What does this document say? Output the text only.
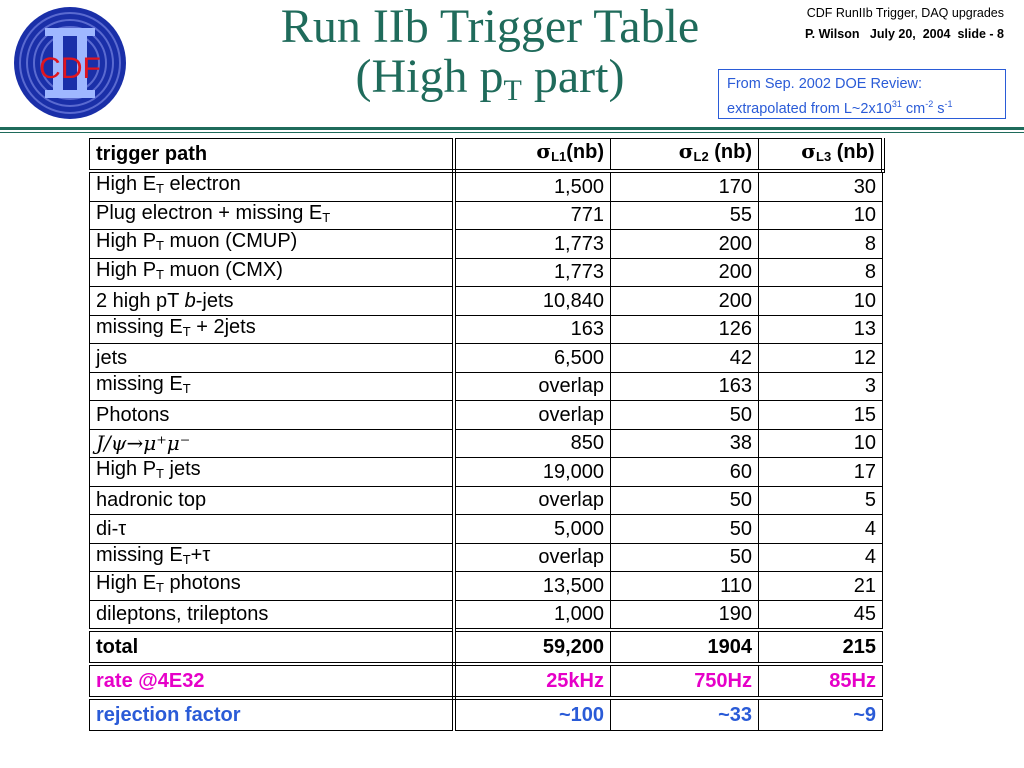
CDF
Run IIb Trigger Table
(High $p_T$ part)
CDF RunIIb Trigger, DAQ upgrades
P. Wilson   July 20,  2004  slide - 8
From Sep. 2002 DOE Review:
extrapolated from $L\sim 2x10^{31}$ $cm^{-2}$ $s^{-1}$
trigger path	$\sigma_{L1}(nb)$	$\sigma_{L2}$ (nb)	$\sigma_{L3}$ (nb)
High $E_T$ electron	1,500	170	30
Plug electron + missing $E_T$	771	55	10
High $P_T$ muon (CMUP)	1,773	200	8
High $P_T$ muon (CMX)	1,773	200	8
2 high pT b-jets	10,840	200	10
missing $E_T$ + 2jets	163	126	13
jets	6,500	42	12
missing $E_T$	overlap	163	3
Photons	overlap	50	15
J/ψ→μ⁺μ⁻	850	38	10
High $P_T$ jets	19,000	60	17
hadronic top	overlap	50	5
di-τ	5,000	50	4
missing $E_T+\tau$	overlap	50	4
High $E_T$ photons	13,500	110	21
dileptons, trileptons	1,000	190	45
total	59,200	1904	215
rate @4E32	25kHz	750Hz	85Hz
rejection factor	~100	~33	~9
